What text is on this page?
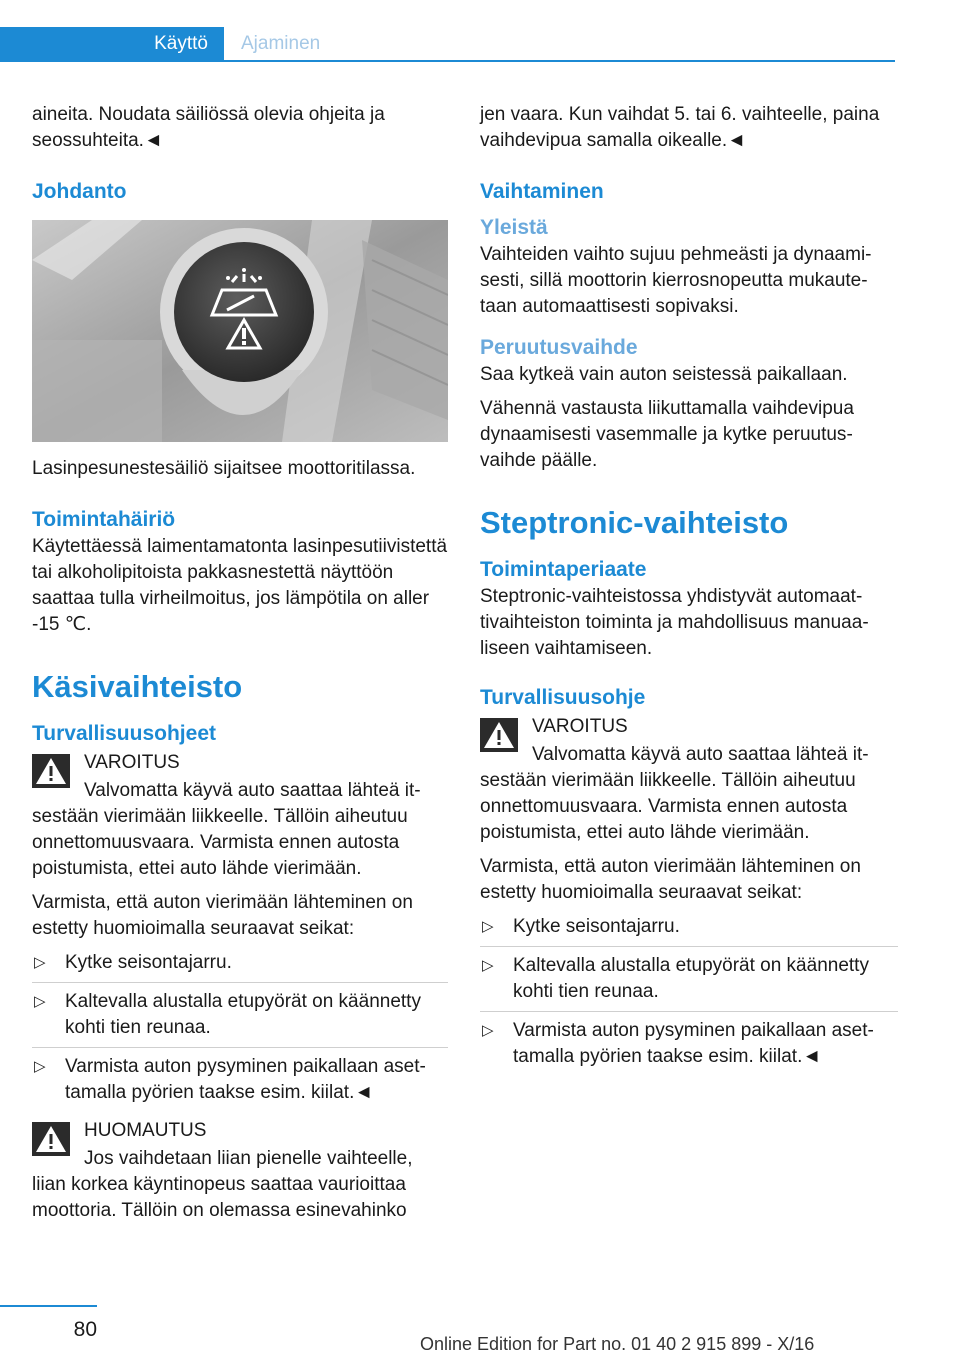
Käyttö	Ajaminen

aineita. Noudata säiliössä olevia ohjeita ja seossuhteita.◄

Johdanto

Lasinpesunestesäiliö sijaitsee moottoritilassa.

Toimintahäiriö

Käytettäessä laimentamatonta lasinpesutiivistettä tai alkoholipitoista pakkasnestettä näyttöön saattaa tulla virheilmoitus, jos lämpötila on aller -15 ℃.

Käsivaihteisto
Turvallisuusohjeet
VAROITUS

Valvomatta käyvä auto saattaa lähteä itsestään vierimään liikkeelle. Tällöin aiheutuu onnettomuusvaara. Varmista ennen autosta poistumista, ettei auto lähde vierimään.

Varmista, että auton vierimään lähteminen on estetty huomioimalla seuraavat seikat:

▷ Kytke seisontajarru.
▷ Kaltevalla alustalla etupyörät on käännetty kohti tien reunaa.
▷ Varmista auton pysyminen paikallaan asettamalla pyörien taakse esim. kiilat.◄
HUOMAUTUS

Jos vaihdetaan liian pienelle vaihteelle, liian korkea käyntinopeus saattaa vaurioittaa moottoria. Tällöin on olemassa esinevahinko

jen vaara. Kun vaihdat 5. tai 6. vaihteelle, paina vaihdevipua samalla oikealle.◄

Vaihtaminen
Yleistä

Vaihteiden vaihto sujuu pehmeästi ja dynaamisesti, sillä moottorin kierrosnopeutta mukautetaan automaattisesti sopivaksi.

Peruutusvaihde

Saa kytkeä vain auton seistessä paikallaan.

Vähennä vastausta liikuttamalla vaihdevipua dynaamisesti vasemmalle ja kytke peruutusvaihde päälle.

Steptronic-vaihteisto
Toimintaperiaate

Steptronic-vaihteistossa yhdistyvät automaattivaihteiston toiminta ja mahdollisuus manuaaliseen vaihtamiseen.

Turvallisuusohje
VAROITUS

Valvomatta käyvä auto saattaa lähteä itsestään vierimään liikkeelle. Tällöin aiheutuu onnettomuusvaara. Varmista ennen autosta poistumista, ettei auto lähde vierimään.

Varmista, että auton vierimään lähteminen on estetty huomioimalla seuraavat seikat:

▷ Kytke seisontajarru.
▷ Kaltevalla alustalla etupyörät on käännetty kohti tien reunaa.
▷ Varmista auton pysyminen paikallaan asettamalla pyörien taakse esim. kiilat.◄
80
Online Edition for Part no. 01 40 2 915 899 - X/16
